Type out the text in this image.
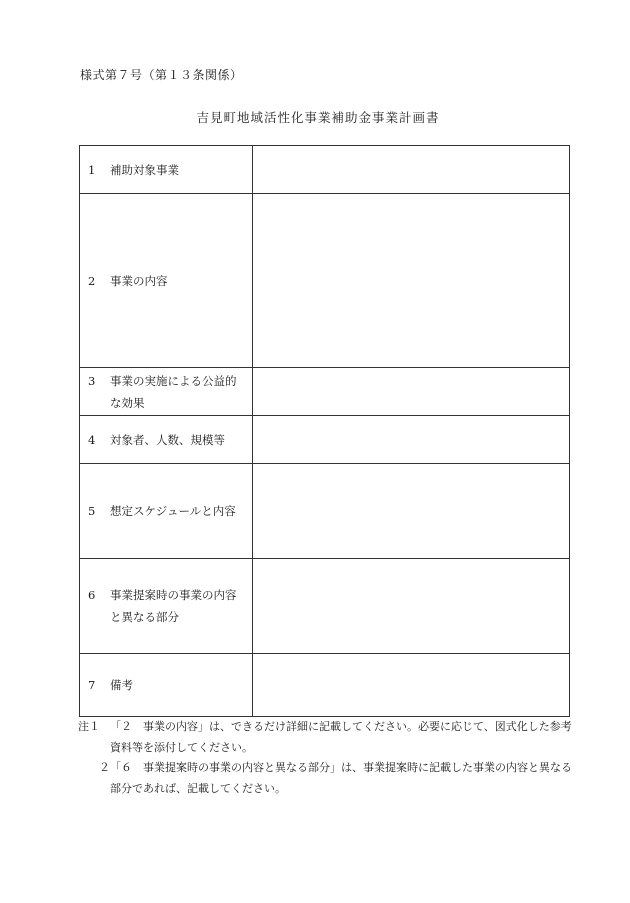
様式第７号（第１３条関係）
吉見町地域活性化事業補助金事業計画書
1 補助対象事業	

2 事業の内容	

3 事業の実施による公益的な効果	

4 対象者、人数、規模等	

5 想定スケジュールと内容	

6 事業提案時の事業の内容と異なる部分	

7 備考	

注１ 「２　事業の内容」は、できるだけ詳細に記載してください。必要に応じて、図式化した参考資料等を添付してください。
２ 「６　事業提案時の事業の内容と異なる部分」は、事業提案時に記載した事業の内容と異なる部分であれば、記載してください。
